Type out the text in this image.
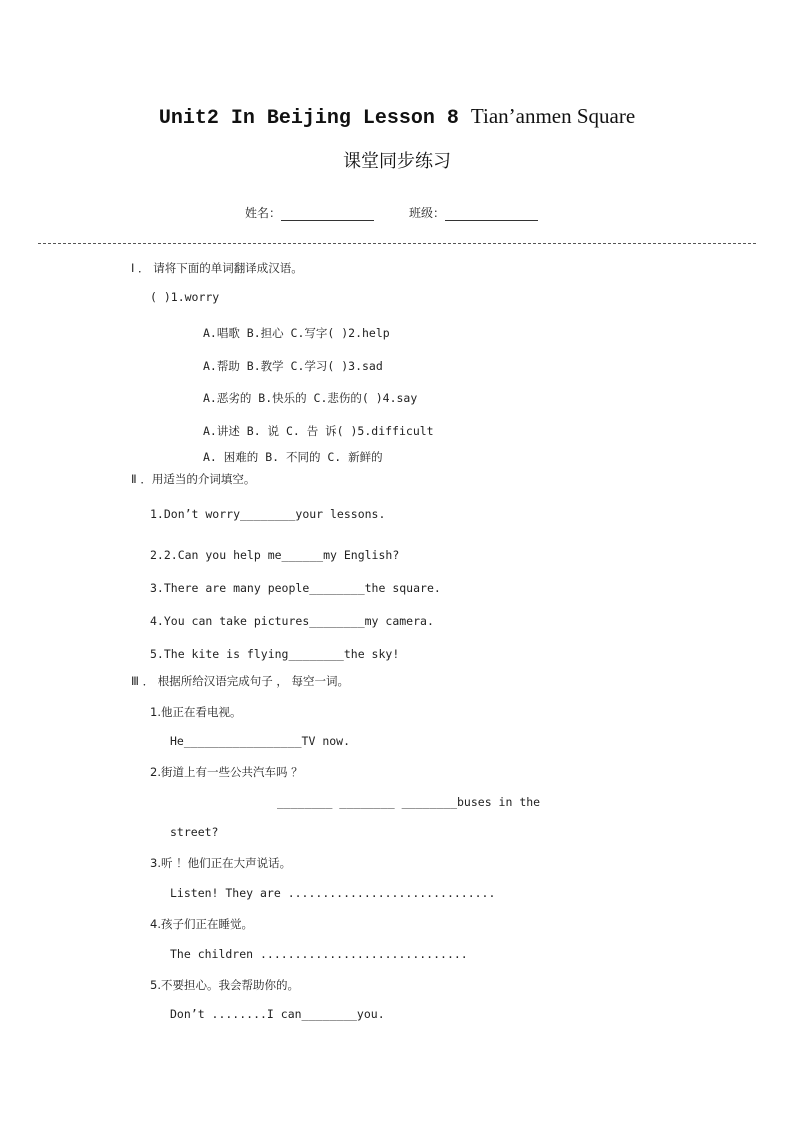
Unit2 In Beijing Lesson 8 Tian’anmen Square
课堂同步练习
姓名：	班级：
Ⅰ ． 请将下面的单词翻译成汉语。
( )1.worry
A.唱歌 B.担心 C.写字( )2.help
A.帮助 B.教学 C.学习( )3.sad
A.恶劣的 B.快乐的 C.悲伤的( )4.say
A.讲述 B. 说 C. 告 诉( )5.difficult
A. 困难的 B. 不同的 C. 新鲜的
Ⅱ ．用适当的介词填空。
1.Don’t worry________your lessons.
2.2.Can you help me______my English?
3.There are many people________the square.
4.You can take pictures________my camera.
5.The kite is flying________the sky!
Ⅲ ． 根据所给汉语完成句子 ， 每空一词。
1.他正在看电视。
He_________________TV now.
2.街道上有一些公共汽车吗 ？
________ ________ ________buses in the
street?
3.听 ！他们正在大声说话。
Listen! They are ..............................
4.孩子们正在睡觉。
The children ..............................
5.不要担心。我会帮助你的。
Don’t ........I can________you.
